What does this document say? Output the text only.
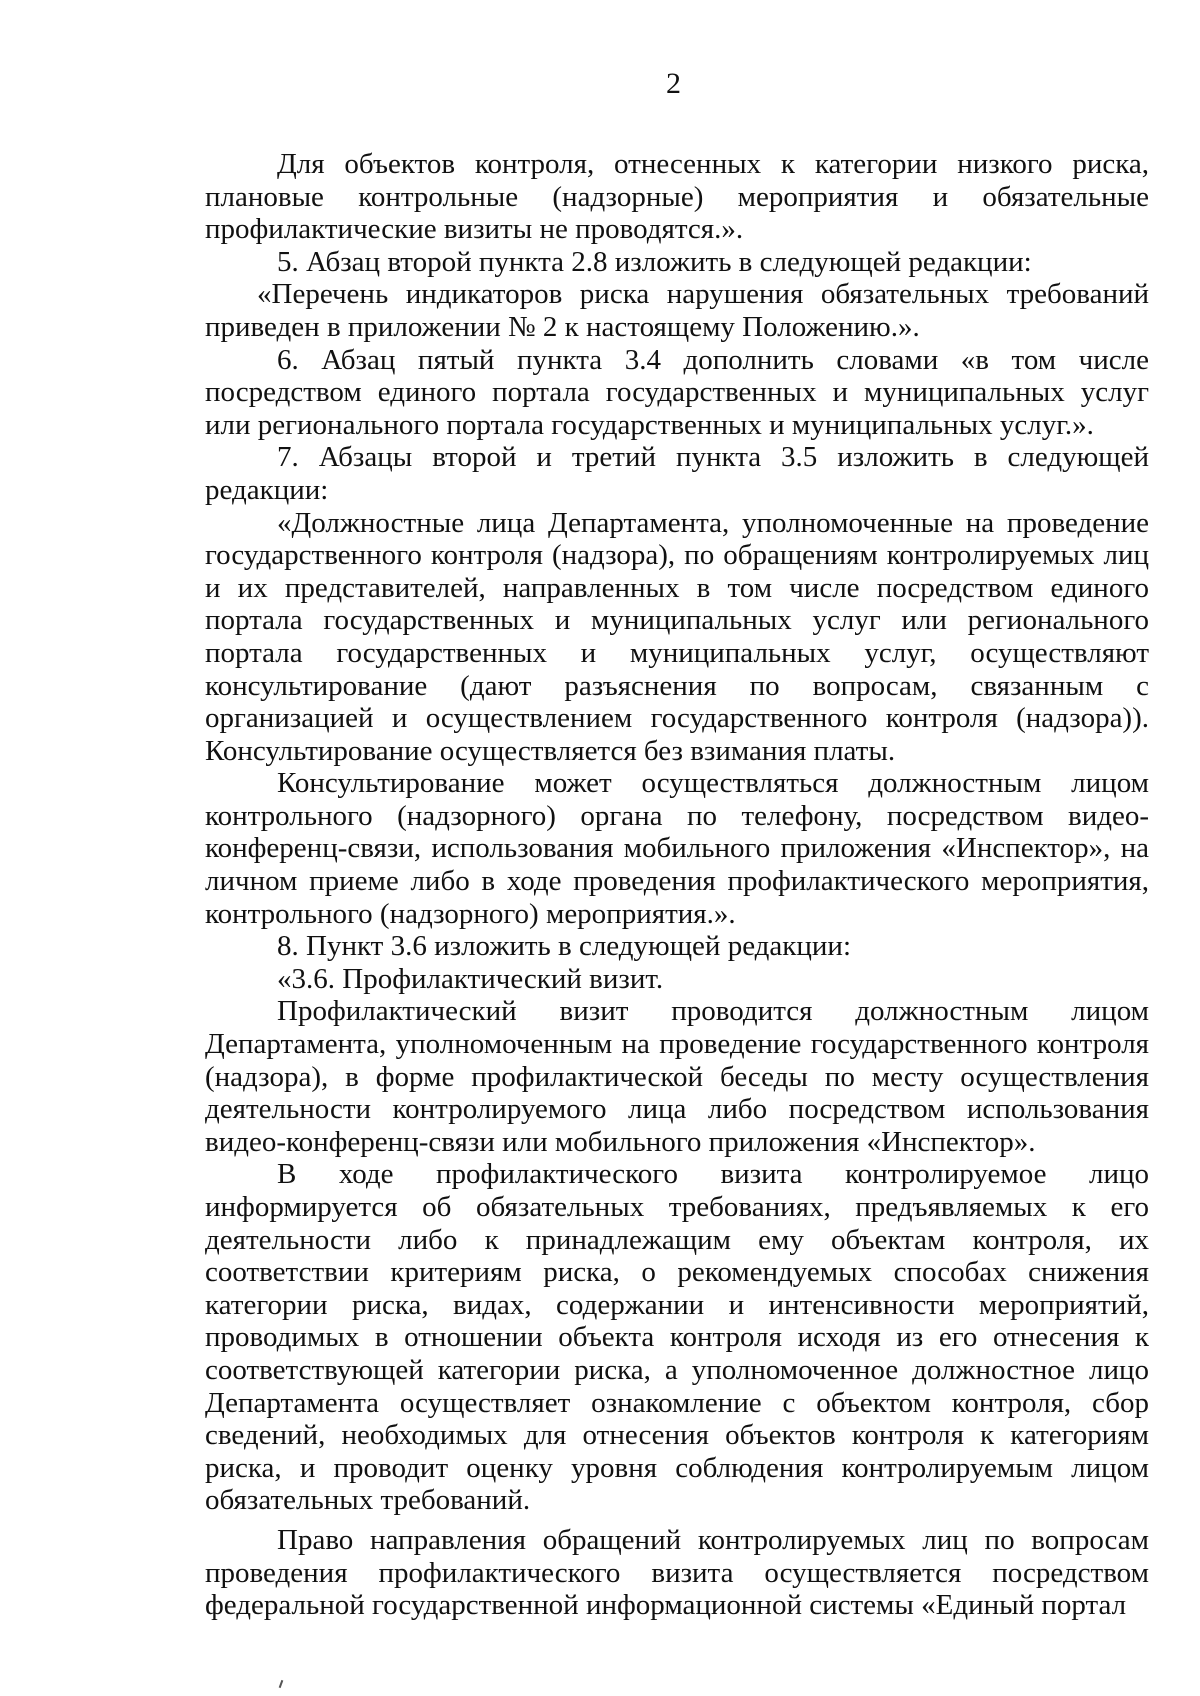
2

Для объектов контроля, отнесенных к категории низкого риска, плановые контрольные (надзорные) мероприятия и обязательные профилактические визиты не проводятся.».

5. Абзац второй пункта 2.8 изложить в следующей редакции:

«Перечень индикаторов риска нарушения обязательных требований приведен в приложении № 2 к настоящему Положению.».

6. Абзац пятый пункта 3.4 дополнить словами «в том числе посредством единого портала государственных и муниципальных услуг или регионального портала государственных и муниципальных услуг.».

7. Абзацы второй и третий пункта 3.5 изложить в следующей редакции:

«Должностные лица Департамента, уполномоченные на проведение государственного контроля (надзора), по обращениям контролируемых лиц и их представителей, направленных в том числе посредством единого портала государственных и муниципальных услуг или регионального портала государственных и муниципальных услуг, осуществляют консультирование (дают разъяснения по вопросам, связанным с организацией и осуществлением государственного контроля (надзора)). Консультирование осуществляется без взимания платы.

Консультирование может осуществляться должностным лицом контрольного (надзорного) органа по телефону, посредством видео-конференц-связи, использования мобильного приложения «Инспектор», на личном приеме либо в ходе проведения профилактического мероприятия, контрольного (надзорного) мероприятия.».

8. Пункт 3.6 изложить в следующей редакции:

«3.6. Профилактический визит.

Профилактический визит проводится должностным лицом Департамента, уполномоченным на проведение государственного контроля (надзора), в форме профилактической беседы по месту осуществления деятельности контролируемого лица либо посредством использования видео-конференц-связи или мобильного приложения «Инспектор».

В ходе профилактического визита контролируемое лицо информируется об обязательных требованиях, предъявляемых к его деятельности либо к принадлежащим ему объектам контроля, их соответствии критериям риска, о рекомендуемых способах снижения категории риска, видах, содержании и интенсивности мероприятий, проводимых в отношении объекта контроля исходя из его отнесения к соответствующей категории риска, а уполномоченное должностное лицо Департамента осуществляет ознакомление с объектом контроля, сбор сведений, необходимых для отнесения объектов контроля к категориям риска, и проводит оценку уровня соблюдения контролируемым лицом обязательных требований.

Право направления обращений контролируемых лиц по вопросам проведения профилактического визита осуществляется посредством федеральной государственной информационной системы «Единый портал
